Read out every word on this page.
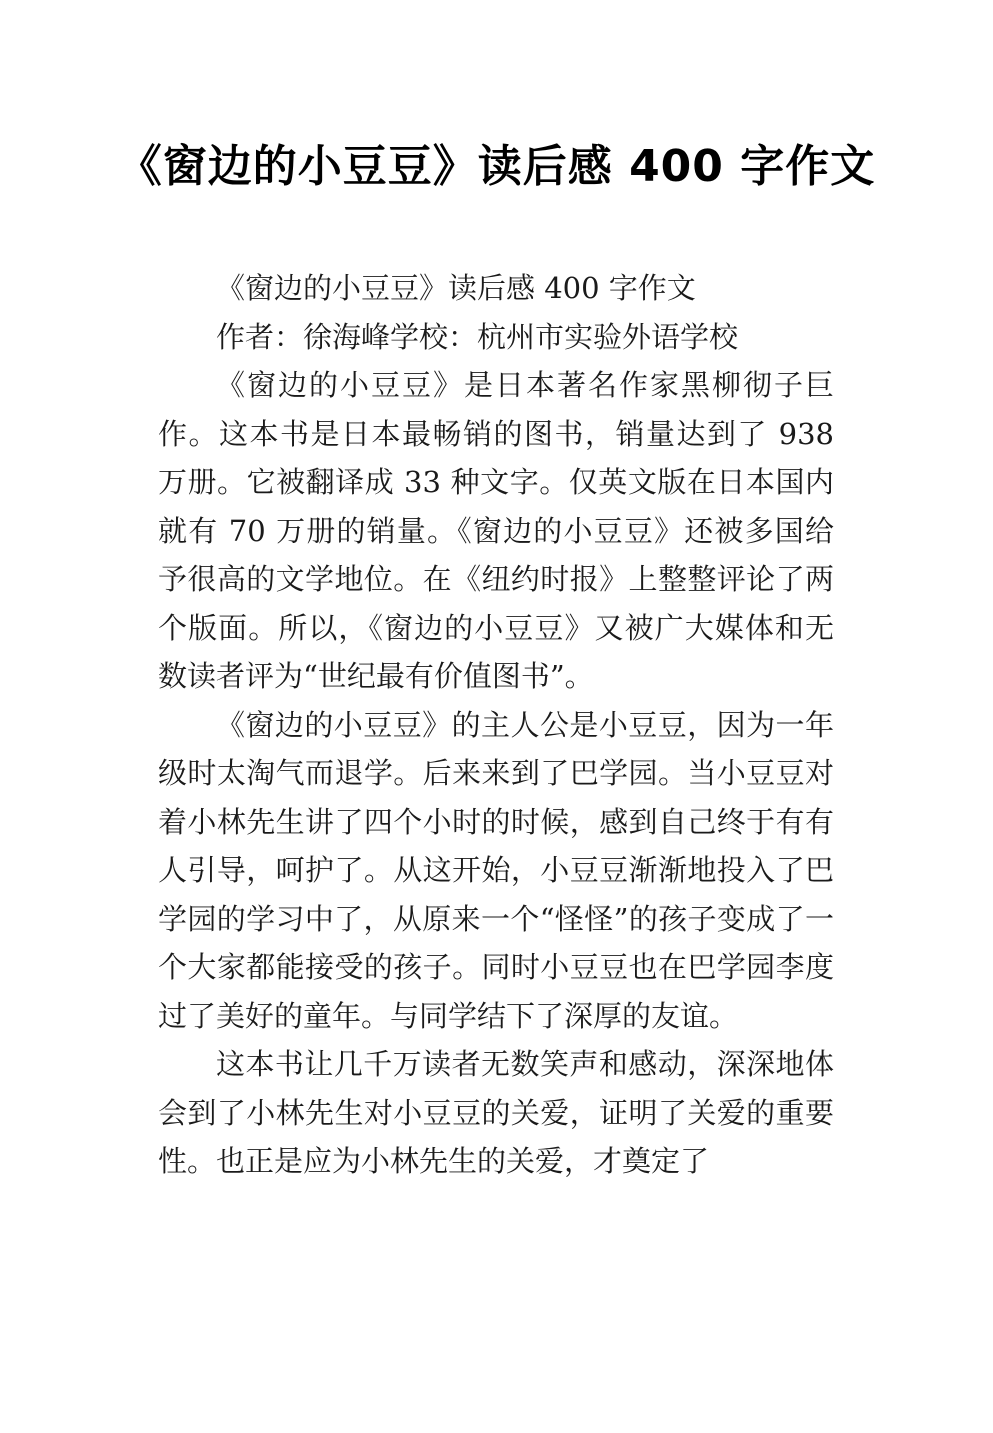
《窗边的小豆豆》读后感 400 字作文

《窗边的小豆豆》读后感 400 字作文

作者：徐海峰学校：杭州市实验外语学校

《窗边的小豆豆》是日本著名作家黑柳彻子巨作。这本书是日本最畅销的图书，销量达到了 938 万册。它被翻译成 33 种文字。仅英文版在日本国内就有 70 万册的销量。《窗边的小豆豆》还被多国给予很高的文学地位。在《纽约时报》上整整评论了两个版面。所以，《窗边的小豆豆》又被广大媒体和无数读者评为“世纪最有价值图书”。

《窗边的小豆豆》的主人公是小豆豆，因为一年级时太淘气而退学。后来来到了巴学园。当小豆豆对着小林先生讲了四个小时的时候，感到自己终于有有人引导，呵护了。从这开始，小豆豆渐渐地投入了巴学园的学习中了，从原来一个“怪怪”的孩子变成了一个大家都能接受的孩子。同时小豆豆也在巴学园李度过了美好的童年。与同学结下了深厚的友谊。

这本书让几千万读者无数笑声和感动，深深地体会到了小林先生对小豆豆的关爱，证明了关爱的重要性。也正是应为小林先生的关爱，才奠定了
